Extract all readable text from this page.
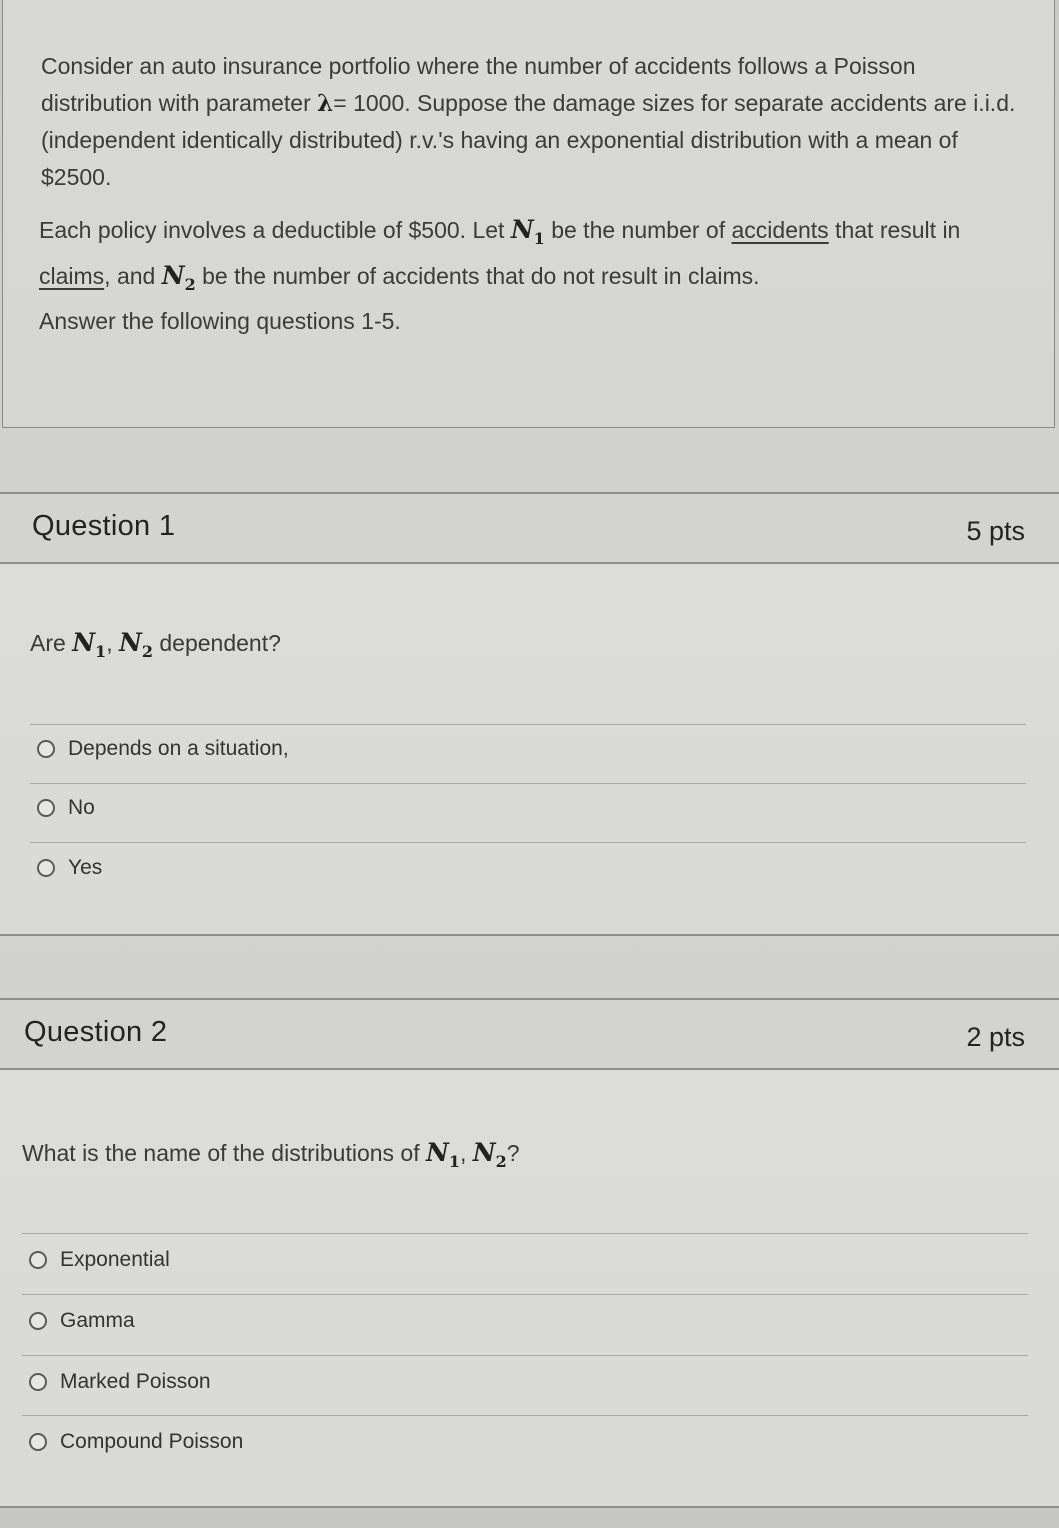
Consider an auto insurance portfolio where the number of accidents follows a Poisson distribution with parameter λ= 1000. Suppose the damage sizes for separate accidents are i.i.d. (independent identically distributed) r.v.'s having an exponential distribution with a mean of $2500.

Each policy involves a deductible of $500. Let $N_1$ be the number of accidents that result in claims, and $N_2$ be the number of accidents that do not result in claims.

Answer the following questions 1-5.

Question 1	5 pts
Are $N_1$, $N_2$ dependent?
Depends on a situation,
No
Yes
Question 2	2 pts
What is the name of the distributions of $N_1$, $N_2$?
Exponential
Gamma
Marked Poisson
Compound Poisson
